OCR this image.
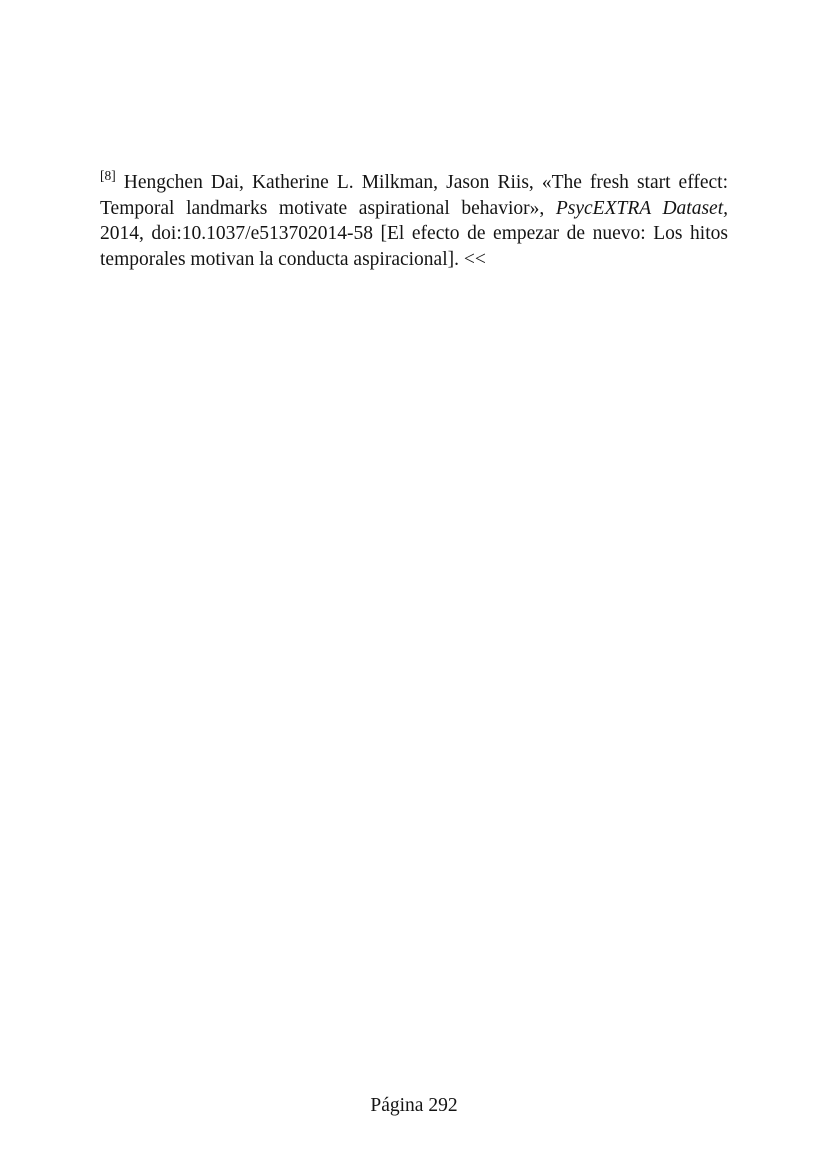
[8] Hengchen Dai, Katherine L. Milkman, Jason Riis, «The fresh start effect: Temporal landmarks motivate aspirational behavior», PsycEXTRA Dataset, 2014, doi:10.1037/e513702014-58 [El efecto de empezar de nuevo: Los hitos temporales motivan la conducta aspiracional]. <<

Página 292
